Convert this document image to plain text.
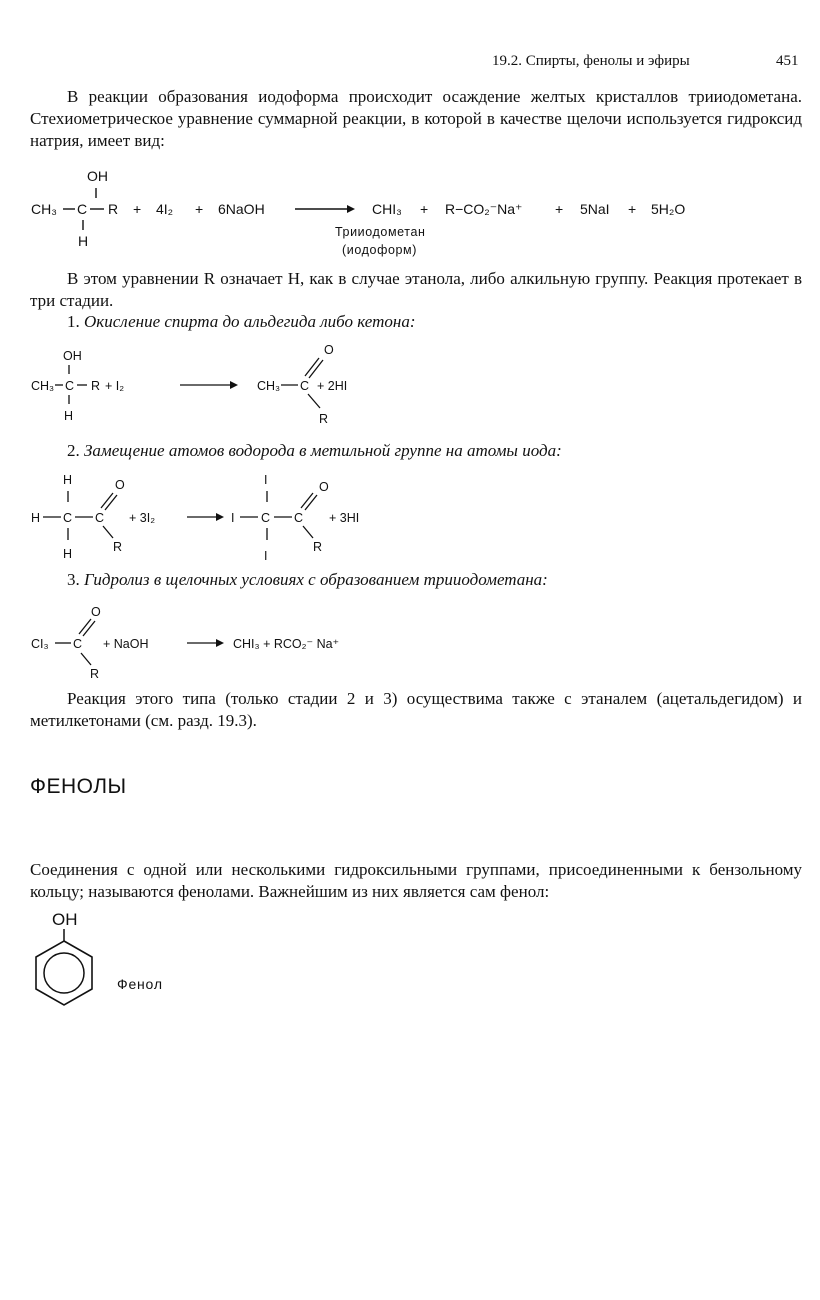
19.2. Спирты, фенолы и эфиры	451

В реакции образования иодоформа происходит осаждение желтых кристаллов трииодометана. Стехиометрическое уравнение суммарной реакции, в которой в качестве щелочи используется гидроксид натрия, имеет вид:

OH
CH₃ C R
H
+ 4I₂ + 6NaOH	CHI₃ + R−CO₂⁻Na⁺ + 5NaI + 5H₂O
Трииодометан
(иодоформ)

В этом уравнении R означает H, как в случае этанола, либо алкильную группу. Реакция протекает в три стадии.

1. Окисление спирта до альдегида либо кетона:
OH
CH₃ C R + I₂
H
CH₃ C
O
R
+ 2HI
2. Замещение атомов водорода в метильной группе на атомы иода:
H
H C C
O
R
H
+ 3I₂
I
I C C
O
R
I
+ 3HI
3. Гидролиз в щелочных условиях с образованием трииодометана:
CI₃ C
O
R
+ NaOH	CHI₃ + RCO₂⁻ Na⁺

Реакция этого типа (только стадии 2 и 3) осуществима также с этаналем (ацетальдегидом) и метилкетонами (см. разд. 19.3).

ФЕНОЛЫ

Соединения с одной или несколькими гидроксильными группами, присоединенными к бензольному кольцу; называются фенолами. Важнейшим из них является сам фенол:

OH
Фенол
